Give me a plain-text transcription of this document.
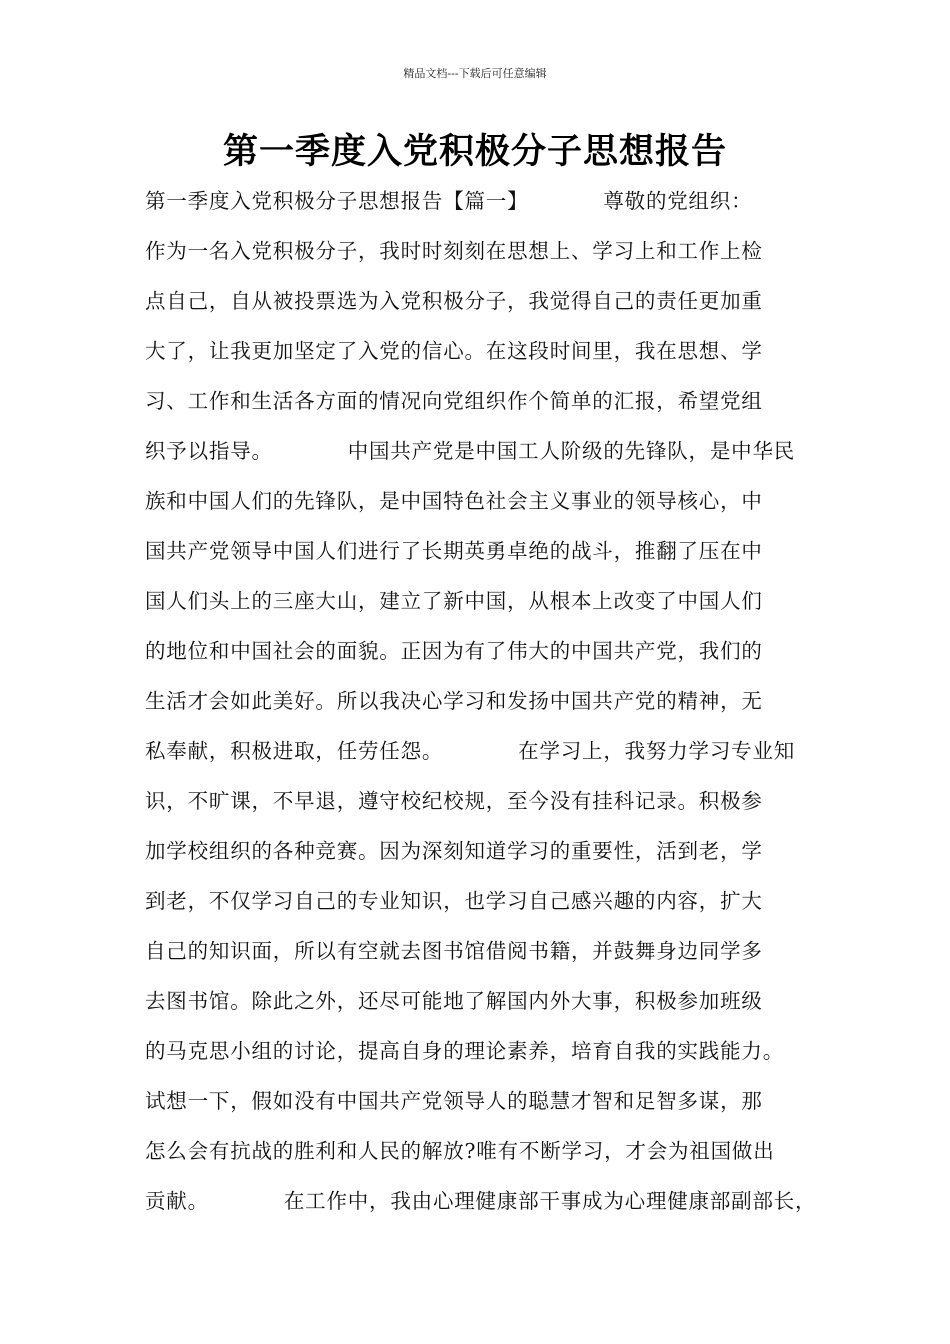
精品文档---下载后可任意编辑
第一季度入党积极分子思想报告
第一季度入党积极分子思想报告【篇一】　　　　尊敬的党组织：
作为一名入党积极分子，我时时刻刻在思想上、学习上和工作上检
点自己，自从被投票选为入党积极分子，我觉得自己的责任更加重
大了，让我更加坚定了入党的信心。在这段时间里，我在思想、学
习、工作和生活各方面的情况向党组织作个简单的汇报，希望党组
织予以指导。　　　　中国共产党是中国工人阶级的先锋队，是中华民
族和中国人们的先锋队，是中国特色社会主义事业的领导核心，中
国共产党领导中国人们进行了长期英勇卓绝的战斗，推翻了压在中
国人们头上的三座大山，建立了新中国，从根本上改变了中国人们
的地位和中国社会的面貌。正因为有了伟大的中国共产党，我们的
生活才会如此美好。所以我决心学习和发扬中国共产党的精神，无
私奉献，积极进取，任劳任怨。　　　　在学习上，我努力学习专业知
识，不旷课，不早退，遵守校纪校规，至今没有挂科记录。积极参
加学校组织的各种竞赛。因为深刻知道学习的重要性，活到老，学
到老，不仅学习自己的专业知识，也学习自己感兴趣的内容，扩大
自己的知识面，所以有空就去图书馆借阅书籍，并鼓舞身边同学多
去图书馆。除此之外，还尽可能地了解国内外大事，积极参加班级
的马克思小组的讨论，提高自身的理论素养，培育自我的实践能力。
试想一下，假如没有中国共产党领导人的聪慧才智和足智多谋，那
怎么会有抗战的胜利和人民的解放?唯有不断学习，才会为祖国做出
贡献。　　　　在工作中，我由心理健康部干事成为心理健康部副部长，
